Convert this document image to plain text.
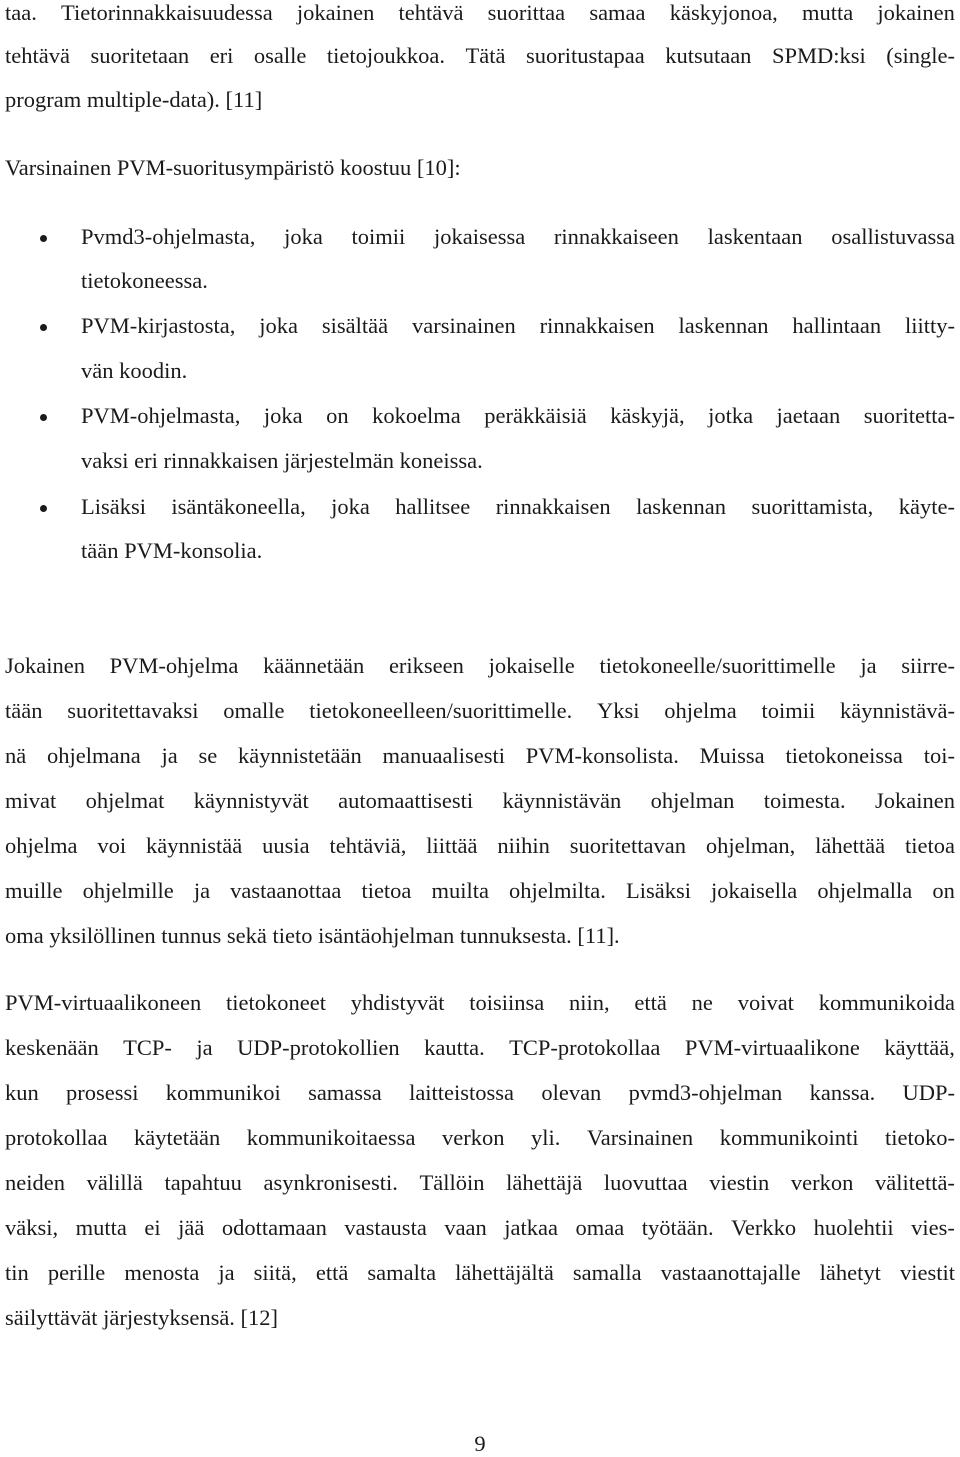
taa. Tietorinnakkaisuudessa jokainen tehtävä suorittaa samaa käskyjonoa, mutta jokainen
tehtävä suoritetaan eri osalle tietojoukkoa. Tätä suoritustapaa kutsutaan SPMD:ksi (single-
program multiple-data). [11]
Varsinainen PVM-suoritusympäristö koostuu [10]:
Pvmd3-ohjelmasta, joka toimii jokaisessa rinnakkaiseen laskentaan osallistuvassa
tietokoneessa.
PVM-kirjastosta, joka sisältää varsinainen rinnakkaisen laskennan hallintaan liitty-
vän koodin.
PVM-ohjelmasta, joka on kokoelma peräkkäisiä käskyjä, jotka jaetaan suoritetta-
vaksi eri rinnakkaisen järjestelmän koneissa.
Lisäksi isäntäkoneella, joka hallitsee rinnakkaisen laskennan suorittamista, käyte-
tään PVM-konsolia.
Jokainen PVM-ohjelma käännetään erikseen jokaiselle tietokoneelle/suorittimelle ja siirre-
tään suoritettavaksi omalle tietokoneelleen/suorittimelle. Yksi ohjelma toimii käynnistävä-
nä ohjelmana ja se käynnistetään manuaalisesti PVM-konsolista. Muissa tietokoneissa toi-
mivat ohjelmat käynnistyvät automaattisesti käynnistävän ohjelman toimesta. Jokainen
ohjelma voi käynnistää uusia tehtäviä, liittää niihin suoritettavan ohjelman, lähettää tietoa
muille ohjelmille ja vastaanottaa tietoa muilta ohjelmilta. Lisäksi jokaisella ohjelmalla on
oma yksilöllinen tunnus sekä tieto isäntäohjelman tunnuksesta. [11].
PVM-virtuaalikoneen tietokoneet yhdistyvät toisiinsa niin, että ne voivat kommunikoida
keskenään TCP- ja UDP-protokollien kautta. TCP-protokollaa PVM-virtuaalikone käyttää,
kun prosessi kommunikoi samassa laitteistossa olevan pvmd3-ohjelman kanssa. UDP-
protokollaa käytetään kommunikoitaessa verkon yli. Varsinainen kommunikointi tietoko-
neiden välillä tapahtuu asynkronisesti. Tällöin lähettäjä luovuttaa viestin verkon välitettä-
väksi, mutta ei jää odottamaan vastausta vaan jatkaa omaa työtään. Verkko huolehtii vies-
tin perille menosta ja siitä, että samalta lähettäjältä samalla vastaanottajalle lähetyt viestit
säilyttävät järjestyksensä. [12]
9
